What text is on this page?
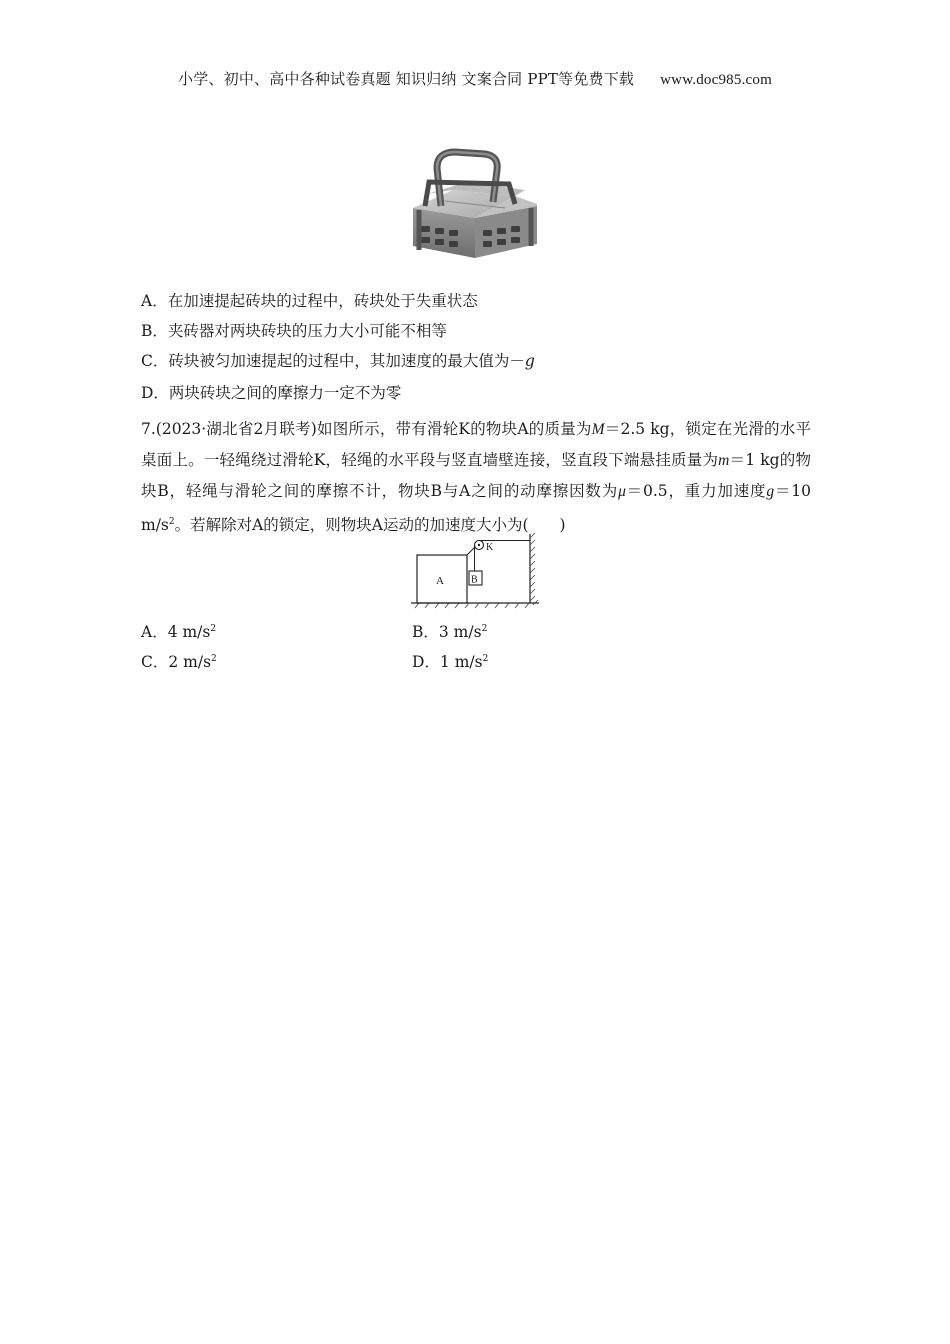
小学、初中、高中各种试卷真题 知识归纳 文案合同 PPT等免费下载 www.doc985.com
A．在加速提起砖块的过程中，砖块处于失重状态
B．夹砖器对两块砖块的压力大小可能不相等
C．砖块被匀加速提起的过程中，其加速度的最大值为－g
D．两块砖块之间的摩擦力一定不为零
7.(2023·湖北省2月联考)如图所示，带有滑轮K的物块A的质量为M＝2.5 kg，锁定在光滑的水平桌面上。一轻绳绕过滑轮K，轻绳的水平段与竖直墙壁连接，竖直段下端悬挂质量为m＝1 kg的物块B，轻绳与滑轮之间的摩擦不计，物块B与A之间的动摩擦因数为μ＝0.5，重力加速度g＝10 $m/s^2$。若解除对A的锁定，则物块A运动的加速度大小为(　　)
A
K
B
A．4 $m/s^2$	B．3 $m/s^2$
C．2 $m/s^2$	D．1 $m/s^2$
